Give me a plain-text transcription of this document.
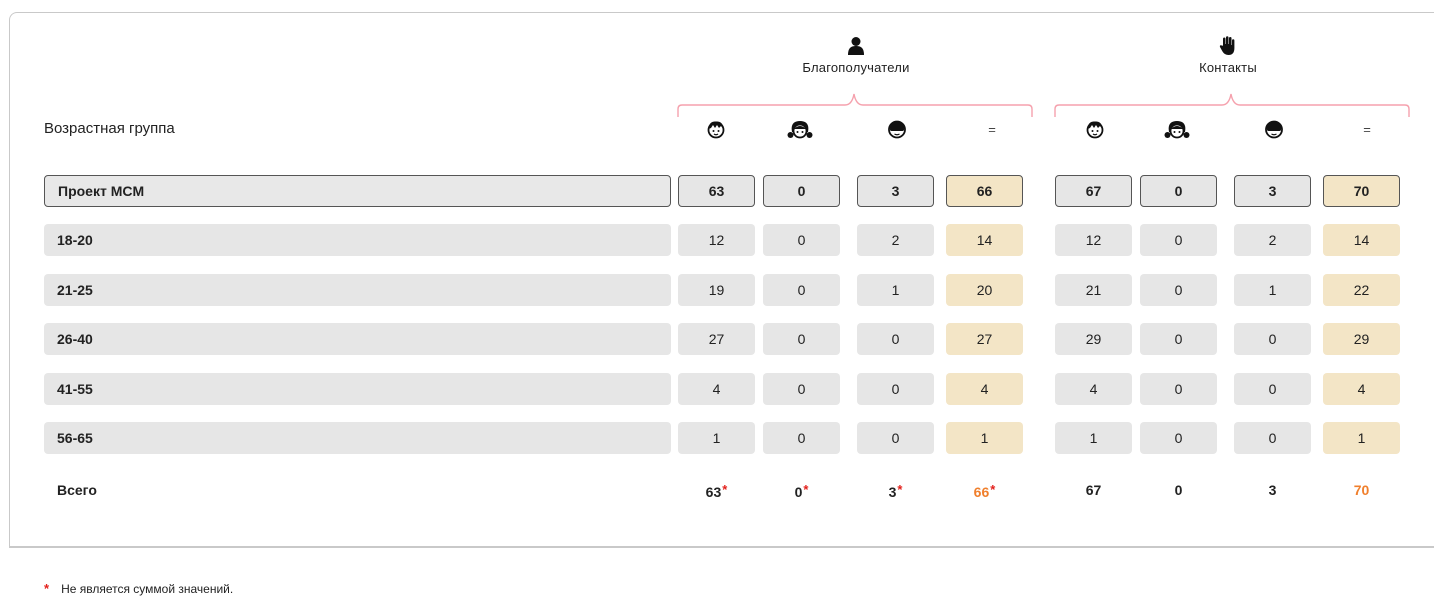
Благополучатели	Контакты
Возрастная группа	=	=
Проект MCM	63	0	3	66	67	0	3	70
18-20	12	0	2	14	12	0	2	14
21-25	19	0	1	20	21	0	1	22
26-40	27	0	0	27	29	0	0	29
41-55	4	0	0	4	4	0	0	4
56-65	1	0	0	1	1	0	0	1
Всего	63*	0*	3*	66*	67	0	3	70
* Не является суммой значений.
